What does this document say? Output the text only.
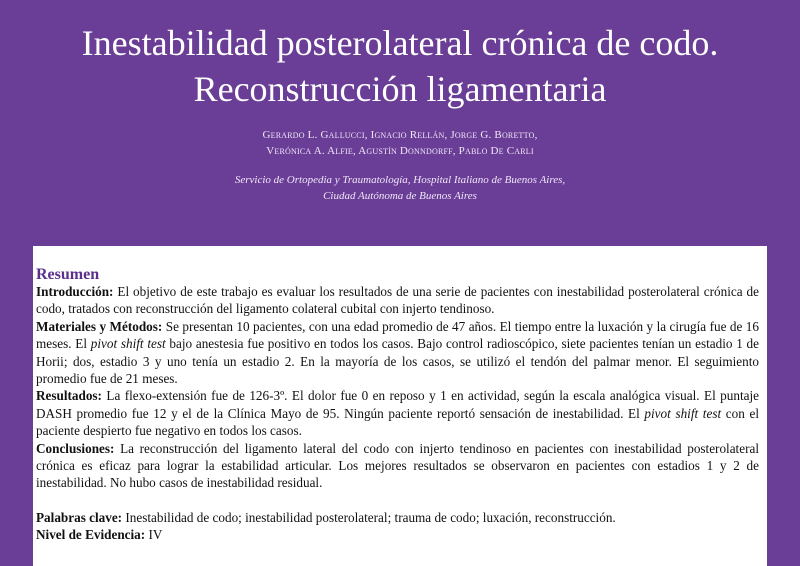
Inestabilidad posterolateral crónica de codo.
Reconstrucción ligamentaria
Gerardo L. Gallucci, Ignacio Rellán, Jorge G. Boretto,
Verónica A. Alfie, Agustín Donndorff, Pablo De Carli
Servicio de Ortopedia y Traumatología, Hospital Italiano de Buenos Aires,
Ciudad Autónoma de Buenos Aires

Resumen

Introducción: El objetivo de este trabajo es evaluar los resultados de una serie de pacientes con inestabilidad posterolateral crónica de codo, tratados con reconstrucción del ligamento colateral cubital con injerto tendinoso.

Materiales y Métodos: Se presentan 10 pacientes, con una edad promedio de 47 años. El tiempo entre la luxación y la cirugía fue de 16 meses. El pivot shift test bajo anestesia fue positivo en todos los casos. Bajo control radioscópico, siete pacientes tenían un estadio 1 de Horii; dos, estadio 3 y uno tenía un estadio 2. En la mayoría de los casos, se utilizó el tendón del palmar menor. El seguimiento promedio fue de 21 meses.

Resultados: La flexo-extensión fue de 126-3º. El dolor fue 0 en reposo y 1 en actividad, según la escala analógica visual. El puntaje DASH promedio fue 12 y el de la Clínica Mayo de 95. Ningún paciente reportó sensación de inestabilidad. El pivot shift test con el paciente despierto fue negativo en todos los casos.

Conclusiones: La reconstrucción del ligamento lateral del codo con injerto tendinoso en pacientes con inestabilidad posterolateral crónica es eficaz para lograr la estabilidad articular. Los mejores resultados se observaron en pacientes con estadios 1 y 2 de inestabilidad. No hubo casos de inestabilidad residual.

Palabras clave: Inestabilidad de codo; inestabilidad posterolateral; trauma de codo; luxación, reconstrucción.

Nivel de Evidencia: IV
